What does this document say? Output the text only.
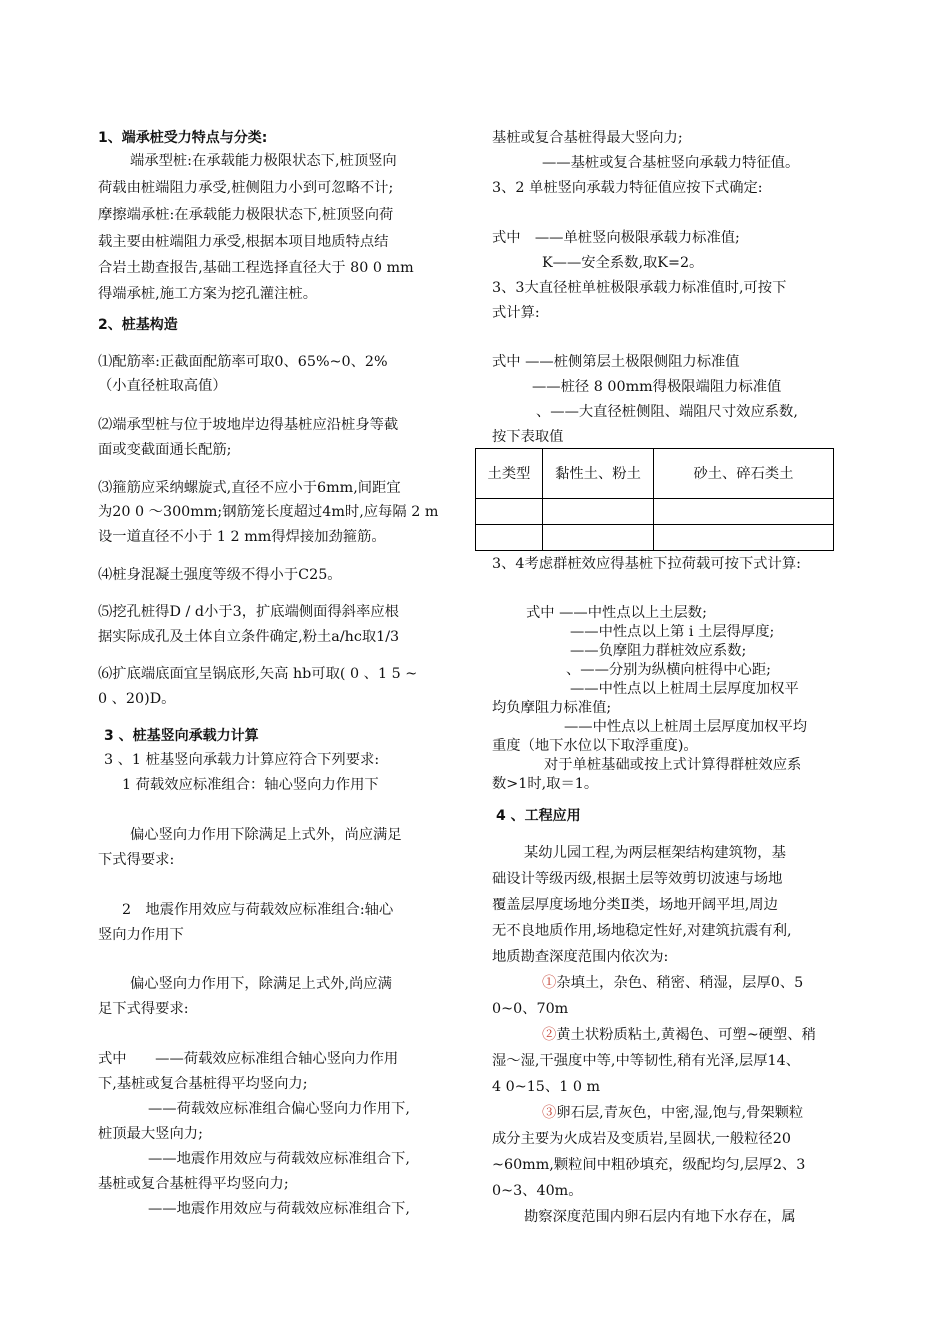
1、端承桩受力特点与分类:
端承型桩:在承载能力极限状态下,桩顶竖向
荷载由桩端阻力承受,桩侧阻力小到可忽略不计;
摩擦端承桩:在承载能力极限状态下,桩顶竖向荷
载主要由桩端阻力承受,根据本项目地质特点结
合岩土勘查报告,基础工程选择直径大于 80 0 mm
得端承桩,施工方案为挖孔灌注桩。
2、桩基构造
⑴配筋率:正截面配筋率可取0、65%~0、2%
（小直径桩取高值）
⑵端承型桩与位于坡地岸边得基桩应沿桩身等截
面或变截面通长配筋;
⑶箍筋应采纳螺旋式,直径不应小于6mm,间距宜
为20 0 ～300mm;钢筋笼长度超过4m时,应每隔 2 m
设一道直径不小于 1 2 mm得焊接加劲箍筋。
⑷桩身混凝土强度等级不得小于C25。
⑸挖孔桩得D / d小于3，扩底端侧面得斜率应根
据实际成孔及土体自立条件确定,粉土a/hc取1/3
⑹扩底端底面宜呈锅底形,矢高 hb可取( 0 、1 5 ~
0 、20)D。
3 、桩基竖向承载力计算
3 、1 桩基竖向承载力计算应符合下列要求:
1 荷载效应标准组合：轴心竖向力作用下
偏心竖向力作用下除满足上式外，尚应满足
下式得要求:
2　地震作用效应与荷载效应标准组合:轴心
竖向力作用下
偏心竖向力作用下，除满足上式外,尚应满
足下式得要求:
式中　　——荷载效应标准组合轴心竖向力作用
下,基桩或复合基桩得平均竖向力;
——荷载效应标准组合偏心竖向力作用下,
桩顶最大竖向力;
——地震作用效应与荷载效应标准组合下,
基桩或复合基桩得平均竖向力;
——地震作用效应与荷载效应标准组合下,
基桩或复合基桩得最大竖向力;
——基桩或复合基桩竖向承载力特征值。
3、2 单桩竖向承载力特征值应按下式确定:
式中　——单桩竖向极限承载力标准值;
K——安全系数,取K=2。
3、3大直径桩单桩极限承载力标准值时,可按下
式计算:
式中 ——桩侧第层土极限侧阻力标准值
——桩径 8 00mm得极限端阻力标准值
、——大直径桩侧阻、端阻尺寸效应系数,
按下表取值
3、4考虑群桩效应得基桩下拉荷载可按下式计算:
式中 ——中性点以上土层数;
——中性点以上第 i 土层得厚度;
——负摩阻力群桩效应系数;
、——分别为纵横向桩得中心距;
——中性点以上桩周土层厚度加权平
均负摩阻力标准值;
——中性点以上桩周土层厚度加权平均
重度（地下水位以下取浮重度)。
对于单桩基础或按上式计算得群桩效应系
数>1时,取＝1。
4 、工程应用
某幼儿园工程,为两层框架结构建筑物，基
础设计等级丙级,根据土层等效剪切波速与场地
覆盖层厚度场地分类Ⅱ类，场地开阔平坦,周边
无不良地质作用,场地稳定性好,对建筑抗震有利,
地质勘查深度范围内依次为:
①杂填土，杂色、稍密、稍湿，层厚0、5
0~0、70m
②黄土状粉质粘土,黄褐色、可塑~硬塑、稍
湿～湿,干强度中等,中等韧性,稍有光泽,层厚14、
4 0~15、1 0 m
③卵石层,青灰色，中密,湿,饱与,骨架颗粒
成分主要为火成岩及变质岩,呈圆状,一般粒径20
~60mm,颗粒间中粗砂填充，级配均匀,层厚2、3
0~3、40m。
勘察深度范围内卵石层内有地下水存在，属
土类型	黏性土、粉土	砂土、碎石类土
